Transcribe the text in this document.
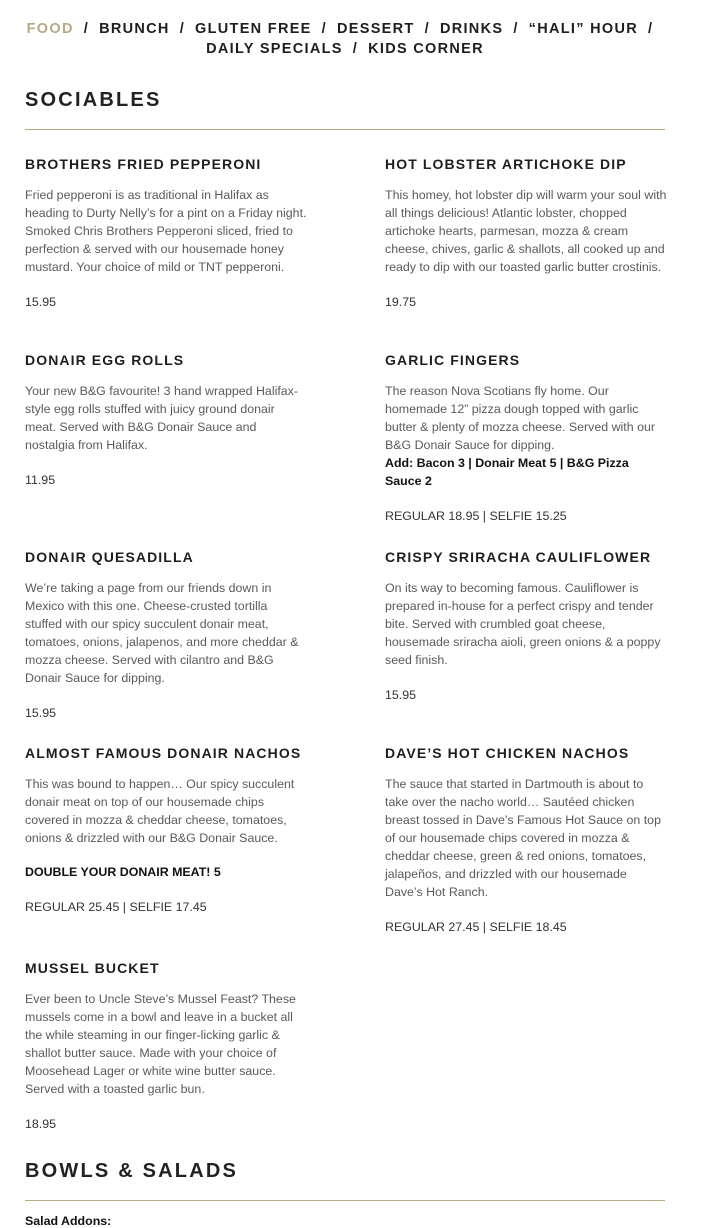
FOOD / BRUNCH / GLUTEN FREE / DESSERT / DRINKS / “HALI” HOUR /
DAILY SPECIALS / KIDS CORNER
SOCIABLES
BROTHERS FRIED PEPPERONI

Fried pepperoni is as traditional in Halifax as heading to Durty Nelly’s for a pint on a Friday night. Smoked Chris Brothers Pepperoni sliced, fried to perfection & served with our housemade honey mustard. Your choice of mild or TNT pepperoni.

15.95

HOT LOBSTER ARTICHOKE DIP

This homey, hot lobster dip will warm your soul with all things delicious! Atlantic lobster, chopped artichoke hearts, parmesan, mozza & cream cheese, chives, garlic & shallots, all cooked up and ready to dip with our toasted garlic butter crostinis.

19.75

DONAIR EGG ROLLS

Your new B&G favourite! 3 hand wrapped Halifax-style egg rolls stuffed with juicy ground donair meat. Served with B&G Donair Sauce and nostalgia from Halifax.

11.95

GARLIC FINGERS

The reason Nova Scotians fly home. Our homemade 12” pizza dough topped with garlic butter & plenty of mozza cheese. Served with our B&G Donair Sauce for dipping.

Add: Bacon 3 | Donair Meat 5 | B&G Pizza Sauce 2

REGULAR 18.95 | SELFIE 15.25

DONAIR QUESADILLA

We’re taking a page from our friends down in Mexico with this one. Cheese-crusted tortilla stuffed with our spicy succulent donair meat, tomatoes, onions, jalapenos, and more cheddar & mozza cheese. Served with cilantro and B&G Donair Sauce for dipping.

15.95

CRISPY SRIRACHA CAULIFLOWER

On its way to becoming famous. Cauliflower is prepared in-house for a perfect crispy and tender bite. Served with crumbled goat cheese, housemade sriracha aioli, green onions & a poppy seed finish.

15.95

ALMOST FAMOUS DONAIR NACHOS

This was bound to happen… Our spicy succulent donair meat on top of our housemade chips covered in mozza & cheddar cheese, tomatoes, onions & drizzled with our B&G Donair Sauce.

DOUBLE YOUR DONAIR MEAT! 5

REGULAR 25.45 | SELFIE 17.45

DAVE’S HOT CHICKEN NACHOS

The sauce that started in Dartmouth is about to take over the nacho world… Sautéed chicken breast tossed in Dave’s Famous Hot Sauce on top of our housemade chips covered in mozza & cheddar cheese, green & red onions, tomatoes, jalapeños, and drizzled with our housemade Dave’s Hot Ranch.

REGULAR 27.45 | SELFIE 18.45

MUSSEL BUCKET

Ever been to Uncle Steve’s Mussel Feast? These mussels come in a bowl and leave in a bucket all the while steaming in our finger-licking garlic & shallot butter sauce. Made with your choice of Moosehead Lager or white wine butter sauce. Served with a toasted garlic bun.

18.95

BOWLS & SALADS
Salad Addons:
